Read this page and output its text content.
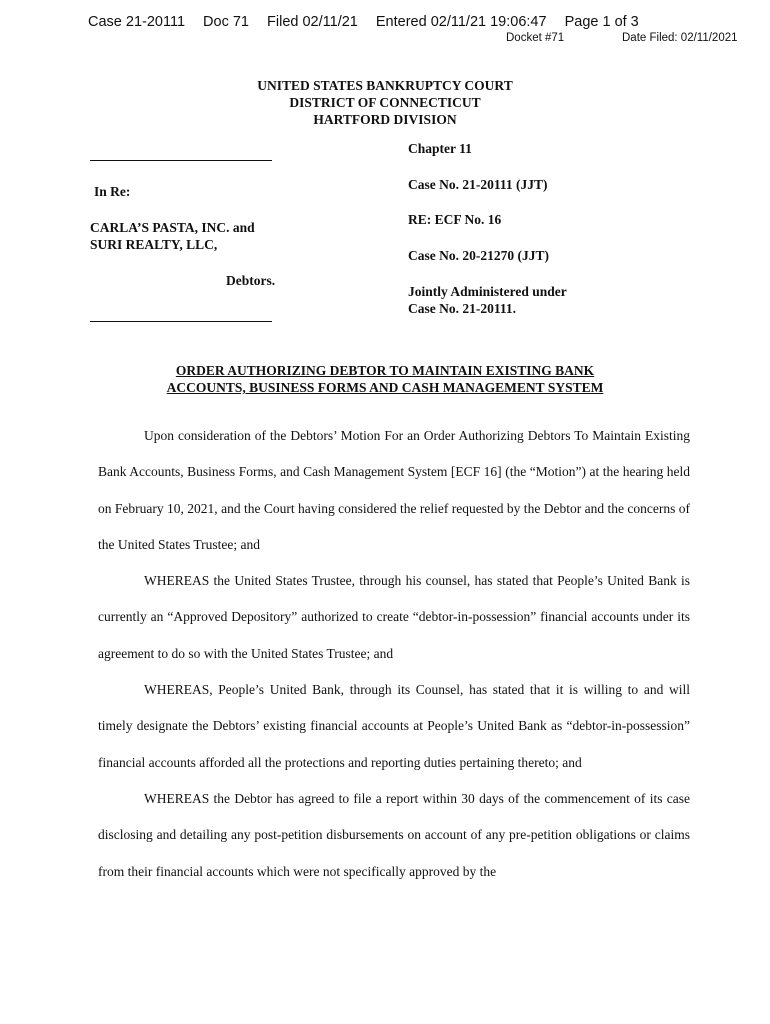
Case 21-20111 Doc 71 Filed 02/11/21 Entered 02/11/21 19:06:47 Page 1 of 3
Docket #71	Date Filed: 02/11/2021
UNITED STATES BANKRUPTCY COURT
DISTRICT OF CONNECTICUT
HARTFORD DIVISION
In Re:
CARLA’S PASTA, INC. and
SURI REALTY, LLC,
Debtors.
Chapter 11
Case No. 21-20111 (JJT)
RE: ECF No. 16
Case No. 20-21270 (JJT)
Jointly Administered under
Case No. 21-20111.
ORDER AUTHORIZING DEBTOR TO MAINTAIN EXISTING BANK
ACCOUNTS, BUSINESS FORMS AND CASH MANAGEMENT SYSTEM

Upon consideration of the Debtors’ Motion For an Order Authorizing Debtors To Maintain Existing Bank Accounts, Business Forms, and Cash Management System [ECF 16] (the “Motion”) at the hearing held on February 10, 2021, and the Court having considered the relief requested by the Debtor and the concerns of the United States Trustee; and

WHEREAS the United States Trustee, through his counsel, has stated that People’s United Bank is currently an “Approved Depository” authorized to create “debtor-in-possession” financial accounts under its agreement to do so with the United States Trustee; and

WHEREAS, People’s United Bank, through its Counsel, has stated that it is willing to and will timely designate the Debtors’ existing financial accounts at People’s United Bank as “debtor-in-possession” financial accounts afforded all the protections and reporting duties pertaining thereto; and

WHEREAS the Debtor has agreed to file a report within 30 days of the commencement of its case disclosing and detailing any post-petition disbursements on account of any pre-petition obligations or claims from their financial accounts which were not specifically approved by the
